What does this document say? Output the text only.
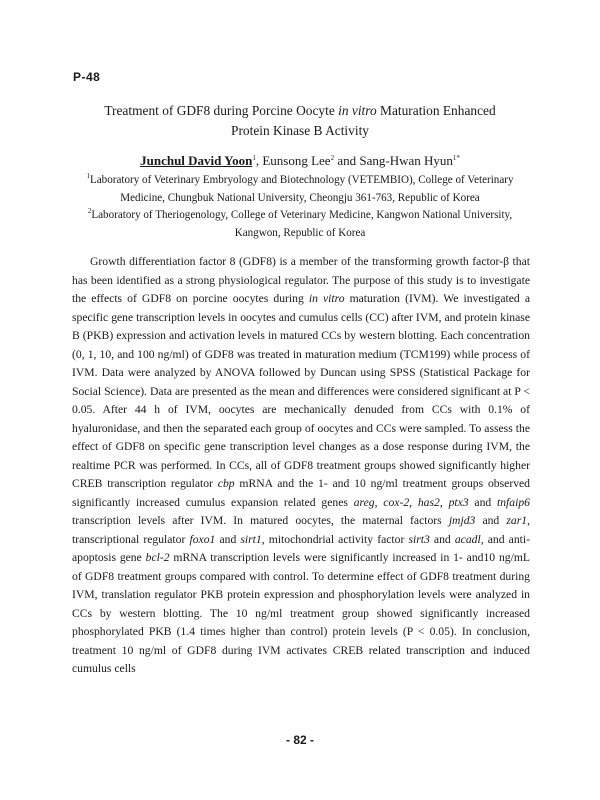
P-48
Treatment of GDF8 during Porcine Oocyte in vitro Maturation Enhanced
Protein Kinase B Activity
Junchul David Yoon$^1$, Eunsong Lee$^2$ and Sang-Hwan Hyun$^{1*}$
$^1$Laboratory of Veterinary Embryology and Biotechnology (VETEMBIO), College of Veterinary Medicine, Chungbuk National University, Cheongju 361-763, Republic of Korea
$^2$Laboratory of Theriogenology, College of Veterinary Medicine, Kangwon National University, Kangwon, Republic of Korea

Growth differentiation factor 8 (GDF8) is a member of the transforming growth factor-β that has been identified as a strong physiological regulator. The purpose of this study is to investigate the effects of GDF8 on porcine oocytes during in vitro maturation (IVM). We investigated a specific gene transcription levels in oocytes and cumulus cells (CC) after IVM, and protein kinase B (PKB) expression and activation levels in matured CCs by western blotting. Each concentration (0, 1, 10, and 100 ng/ml) of GDF8 was treated in maturation medium (TCM199) while process of IVM. Data were analyzed by ANOVA followed by Duncan using SPSS (Statistical Package for Social Science). Data are presented as the mean and differences were considered significant at P < 0.05. After 44 h of IVM, oocytes are mechanically denuded from CCs with 0.1% of hyaluronidase, and then the separated each group of oocytes and CCs were sampled. To assess the effect of GDF8 on specific gene transcription level changes as a dose response during IVM, the realtime PCR was performed. In CCs, all of GDF8 treatment groups showed significantly higher CREB transcription regulator cbp mRNA and the 1- and 10 ng/ml treatment groups observed significantly increased cumulus expansion related genes areg, cox-2, has2, ptx3 and tnfaip6 transcription levels after IVM. In matured oocytes, the maternal factors jmjd3 and zar1, transcriptional regulator foxo1 and sirt1, mitochondrial activity factor sirt3 and acadl, and anti-apoptosis gene bcl-2 mRNA transcription levels were significantly increased in 1- and10 ng/mL of GDF8 treatment groups compared with control. To determine effect of GDF8 treatment during IVM, translation regulator PKB protein expression and phosphorylation levels were analyzed in CCs by western blotting. The 10 ng/ml treatment group showed significantly increased phosphorylated PKB (1.4 times higher than control) protein levels (P < 0.05). In conclusion, treatment 10 ng/ml of GDF8 during IVM activates CREB related transcription and induced cumulus cells

- 82 -
